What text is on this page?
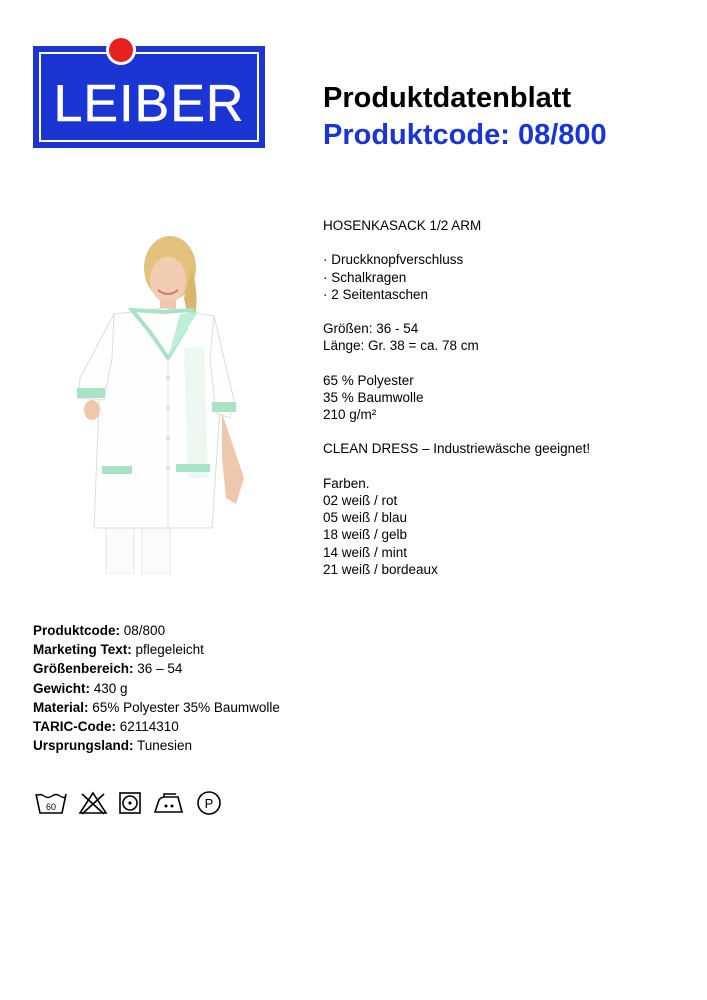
LEIBER	Produktdatenblatt
Produktcode: 08/800
HOSENKASACK 1/2 ARM
· Druckknopfverschluss
· Schalkragen
· 2 Seitentaschen
Größen: 36 - 54
Länge: Gr. 38 = ca. 78 cm
65 % Polyester
35 % Baumwolle
210 g/m²
CLEAN DRESS – Industriewäsche geeignet!
Farben.
02 weiß / rot
05 weiß / blau
18 weiß / gelb
14 weiß / mint
21 weiß / bordeaux
Produktcode: 08/800
Marketing Text: pflegeleicht
Größenbereich: 36 – 54
Gewicht: 430 g
Material: 65% Polyester 35% Baumwolle
TARIC-Code: 62114310
Ursprungsland: Tunesien
60	P
